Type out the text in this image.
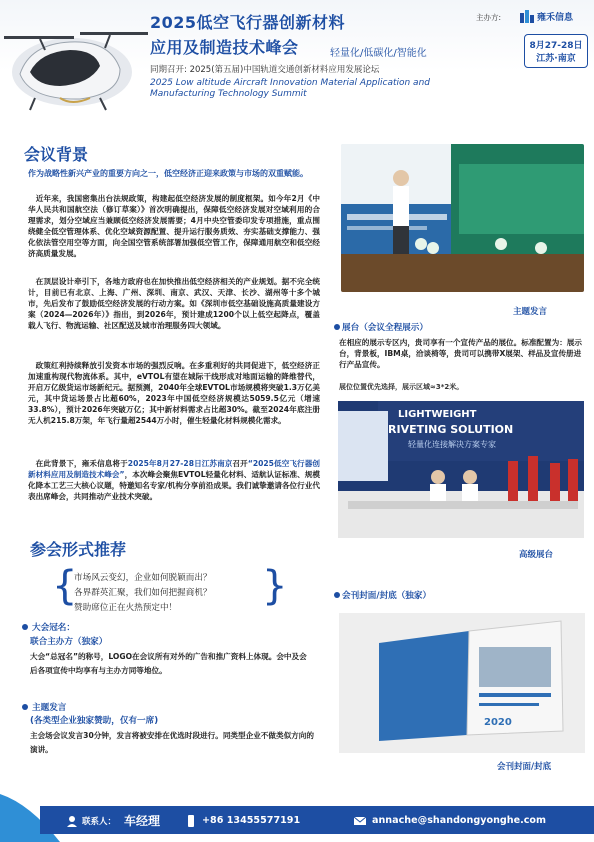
2025低空飞行器创新材料
应用及制造技术峰会	轻量化/低碳化/智能化
同期召开: 2025(第五届)中国轨道交通创新材料应用发展论坛
2025 Low altitude Aircraft Innovation Material Application and Manufacturing Technology Summit
主办方:	雍禾信息
8月27-28日
江苏·南京
会议背景
作为战略性新兴产业的重要方向之一，低空经济正迎来政策与市场的双重赋能。
 近年来，我国密集出台法规政策，构建起低空经济发展的制度框架。如今年2月《中华人民共和国航空法（修订草案）》首次明确提出，保障低空经济发展对空域利用的合理需求，划分空域应当兼顾低空经济发展需要；4月中央空管委印发专项措施，重点围绕健全低空管理体系、优化空域资源配置、提升运行服务质效、夯实基础支撑能力、强化依法管空用空等方面，向全国空管系统部署加强低空管工作，保障通用航空和低空经济高质量发展。
 在顶层设计牵引下，各地方政府也在加快推出低空经济相关的产业规划。据不完全统计，目前已有北京、上海、广州、深圳、南京、武汉、天津、长沙、湖州等十多个城市，先后发布了鼓励低空经济发展的行动方案。如《深圳市低空基础设施高质量建设方案（2024—2026年）》指出，到2026年，预计建成1200个以上低空起降点，覆盖载人飞行、物流运输、社区配送及城市治理服务四大领域。
 政策红利持续释放引发资本市场的强烈反响。在多重利好的共同促进下，低空经济正加速重构现代物流体系。其中，eVTOL有望在城际干线形成对地面运输的降维替代，开启万亿级货运市场新纪元。据预测，2040年全球EVTOL市场规模将突破1.3万亿美元，其中货运场景占比超60%，2023年中国低空经济规模达5059.5亿元（增速33.8%），预计2026年突破万亿；其中新材料需求占比超30%。截至2024年底注册无人机215.8万架，年飞行量超2544万小时，催生轻量化材料规模化需求。
 在此背景下，雍禾信息将于2025年8月27-28日江苏南京召开“2025低空飞行器创新材料应用及制造技术峰会”，本次峰会聚焦EVTOL轻量化材料、适航认证标准、规模化降本工艺三大核心议题，特邀知名专家/机构分享前沿成果。我们诚挚邀请各位行业代表出席峰会，共同推动产业技术突破。
参会形式推荐
{	}
市场风云变幻，企业如何脱颖而出？
各界群英汇聚，我们如何把握商机？
赞助席位正在火热预定中！
大会冠名：
联合主办方（独家）
大会“总冠名”的称号，LOGO在会议所有对外的广告和推广资料上体现。会中及会后各项宣传中均享有与主办方同等地位。
主题发言
(各类型企业独家赞助，仅有一席)
主会场会议发言30分钟，发言将被安排在优选时段进行。同类型企业不做类似方向的演讲。
主题发言
展台（会议全程展示）
在相应的展示专区内，贵司享有一个宣传产品的展位。标准配置为：展示台，背景板，IBM桌，洽谈椅等，贵司可以携带X展架、样品及宣传册进行产品宣传。
展位位置优先选择，展示区域≈3*2米。
LIGHTWEIGHT
RIVETING SOLUTION
轻量化连接解决方案专家
高级展台
会刊封面/封底（独家）
2020
会刊封面/封底
联系人： 车经理	+86 13455577191	annache@shandongyonghe.com
